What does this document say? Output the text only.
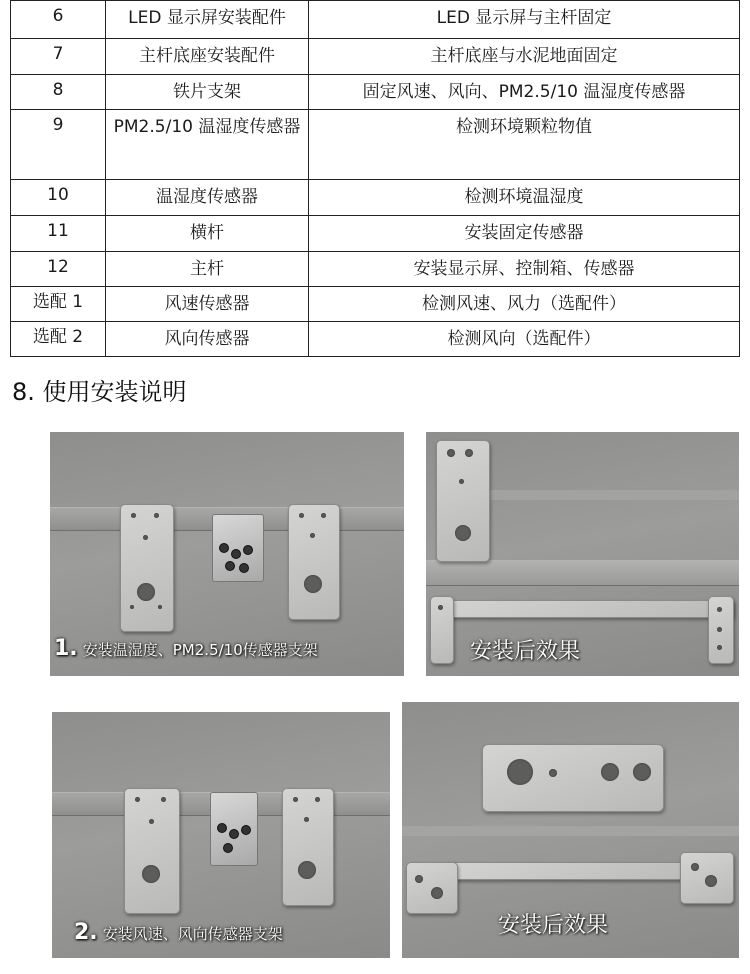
6	LED 显示屏安装配件	LED 显示屏与主杆固定
7	主杆底座安装配件	主杆底座与水泥地面固定
8	铁片支架	固定风速、风向、PM2.5/10 温湿度传感器
9	PM2.5/10 温湿度传感器	检测环境颗粒物值
10	温湿度传感器	检测环境温湿度
11	横杆	安装固定传感器
12	主杆	安装显示屏、控制箱、传感器
选配 1	风速传感器	检测风速、风力（选配件）
选配 2	风向传感器	检测风向（选配件）
8. 使用安装说明
1. 安装温湿度、PM2.5/10传感器支架	安装后效果
2. 安装风速、风向传感器支架	安装后效果
